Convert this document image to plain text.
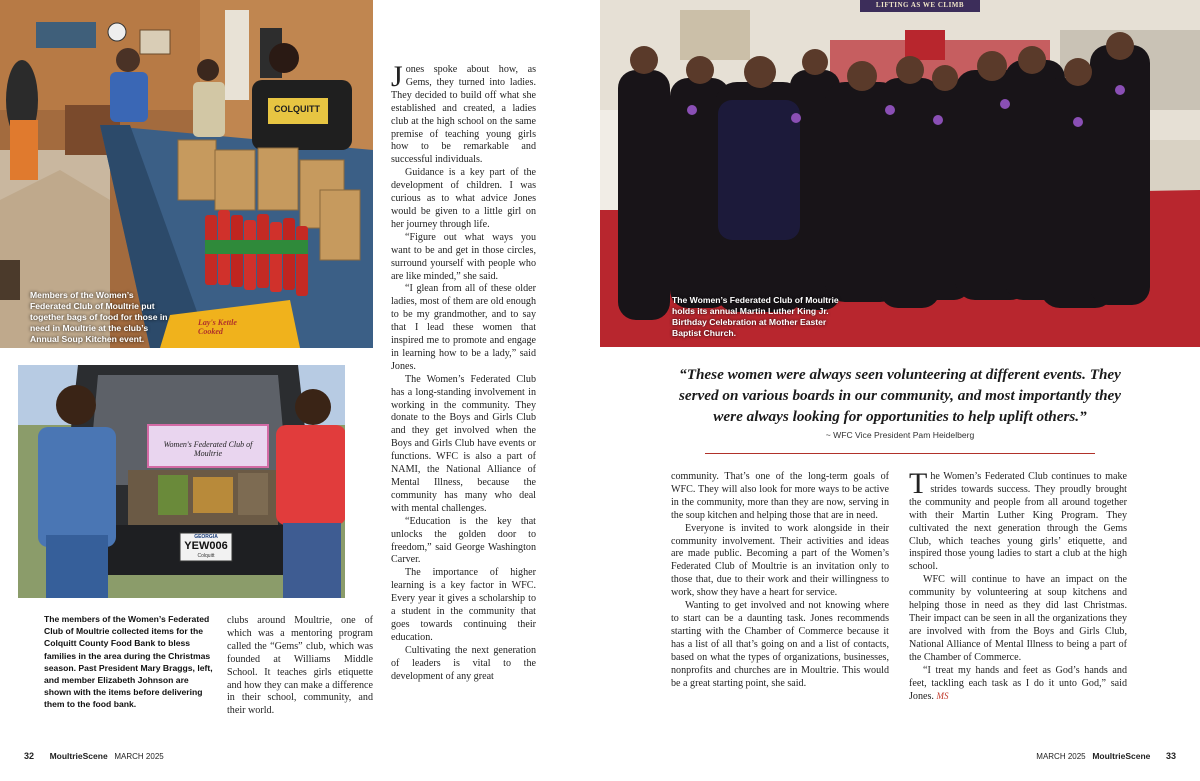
COLQUITT
Lay's Kettle Cooked
Members of the Women’s Federated Club of Moultrie put together bags of food for those in need in Moultrie at the club’s Annual Soup Kitchen event.
Women's Federated Club of Moultrie
GEORGIA
YEW006
Colquitt
The members of the Women’s Federated Club of Moultrie collected items for the Colquitt County Food Bank to bless families in the area during the Christmas season. Past President Mary Braggs, left, and member Elizabeth Johnson are shown with the items before delivering them to the food bank.
LIFTING AS WE CLIMB
The Women’s Federated Club of Moultrie holds its annual Martin Luther King Jr. Birthday Celebration at Mother Easter Baptist Church.

clubs around Moultrie, one of which was a mentoring program called the “Gems” club, which was founded at Williams Middle School. It teaches girls etiquette and how they can make a difference in their school, community, and their world.

Jones spoke about how, as Gems, they turned into ladies. They decided to build off what she established and created, a ladies club at the high school on the same premise of teaching young girls how to be remarkable and successful individuals.

Guidance is a key part of the development of children. I was curious as to what advice Jones would be given to a little girl on her journey through life.

“Figure out what ways you want to be and get in those circles, surround yourself with people who are like minded,” she said.

“I glean from all of these older ladies, most of them are old enough to be my grandmother, and to say that I lead these women that inspired me to promote and engage in learning how to be a lady,” said Jones.

The Women’s Federated Club has a long-standing involvement in working in the community. They donate to the Boys and Girls Club and they get involved when the Boys and Girls Club have events or functions. WFC is also a part of NAMI, the National Alliance of Mental Illness, because the community has many who deal with mental challenges.

“Education is the key that unlocks the golden door to freedom,” said George Washington Carver.

The importance of higher learning is a key factor in WFC. Every year it gives a scholarship to a student in the community that goes towards continuing their education.

Cultivating the next generation of leaders is vital to the development of any great

“These women were always seen volunteering at different events. They served on various boards in our community, and most importantly they were always looking for opportunities to help uplift others.”
~ WFC Vice President Pam Heidelberg

community. That’s one of the long-term goals of WFC. They will also look for more ways to be active in the community, more than they are now, serving in the soup kitchen and helping those that are in need.

Everyone is invited to work alongside in their community involvement. Their activities and ideas are made public. Becoming a part of the Women’s Federated Club of Moultrie is an invitation only to those that, due to their work and their willingness to work, show they have a heart for service.

Wanting to get involved and not knowing where to start can be a daunting task. Jones recommends starting with the Chamber of Commerce because it has a list of all that’s going on and a list of contacts, based on what the types of organizations, businesses, nonprofits and churches are in Moultrie. This would be a great starting point, she said.

The Women’s Federated Club continues to make strides towards success. They proudly brought the community and people from all around together with their Martin Luther King Program. They cultivated the next generation through the Gems Club, which teaches young girls’ etiquette, and inspired those young ladies to start a club at the high school.

WFC will continue to have an impact on the community by volunteering at soup kitchens and helping those in need as they did last Christmas. Their impact can be seen in all the organizations they are involved with from the Boys and Girls Club, National Alliance of Mental Illness to being a part of the Chamber of Commerce.

“I treat my hands and feet as God’s hands and feet, tackling each task as I do it unto God,” said Jones. MS

32 MoultrieScene MARCH 2025	MARCH 2025 MoultrieScene 33
